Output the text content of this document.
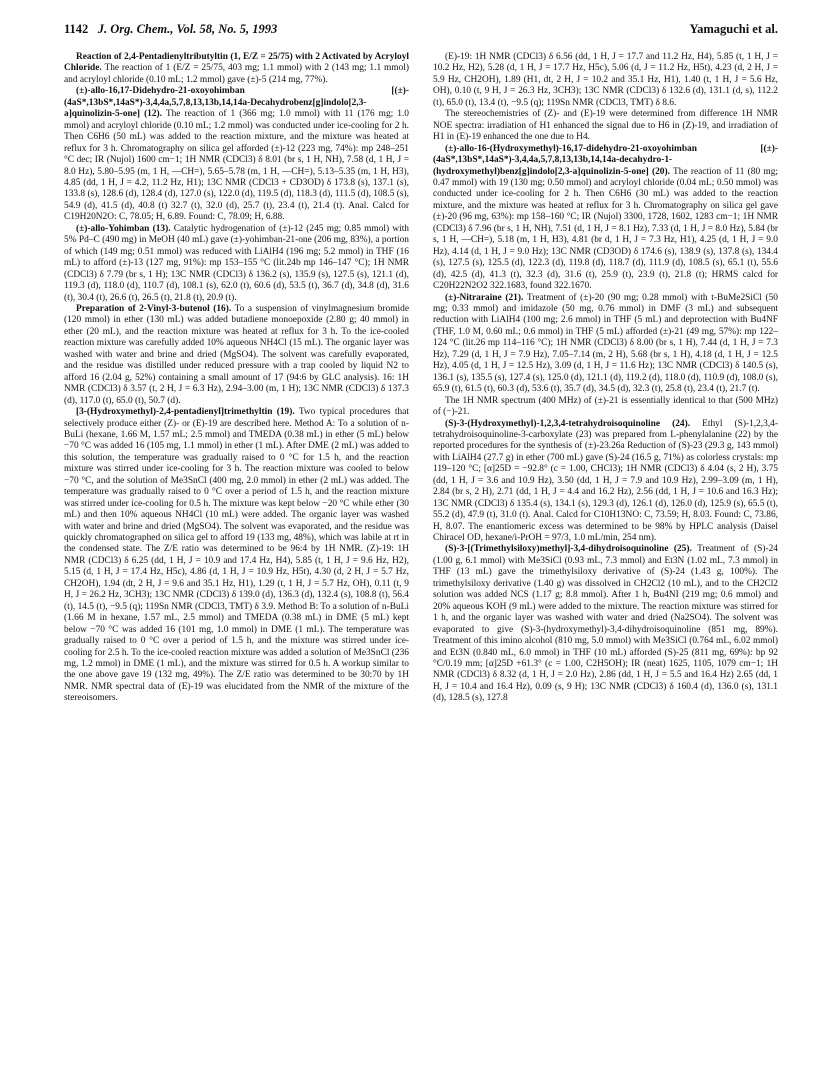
1142 J. Org. Chem., Vol. 58, No. 5, 1993	Yamaguchi et al.

Reaction of 2,4-Pentadienyltributyltin (1, E/Z = 25/75) with 2 Activated by Acryloyl Chloride. The reaction of 1 (E/Z = 25/75, 403 mg; 1.1 mmol) with 2 (143 mg; 1.1 mmol) and acryloyl chloride (0.10 mL; 1.2 mmol) gave (±)-5 (214 mg, 77%).

(±)-allo-16,17-Didehydro-21-oxoyohimban [(±)-(4aS*,13bS*,14aS*)-3,4,4a,5,7,8,13,13b,14,14a-Decahydrobenz[g]indolo[2,3-a]quinolizin-5-one] (12). The reaction of 1 (366 mg; 1.0 mmol) with 11 (176 mg; 1.0 mmol) and acryloyl chloride (0.10 mL; 1.2 mmol) was conducted under ice-cooling for 2 h. Then C6H6 (50 mL) was added to the reaction mixture, and the mixture was heated at reflux for 3 h. Chromatography on silica gel afforded (±)-12 (223 mg, 74%): mp 248–251 °C dec; IR (Nujol) 1600 cm−1; 1H NMR (CDCl3) δ 8.01 (br s, 1 H, NH), 7.58 (d, 1 H, J = 8.0 Hz), 5.80–5.95 (m, 1 H, —CH=), 5.65–5.78 (m, 1 H, —CH=), 5.13–5.35 (m, 1 H, H3), 4.85 (dd, 1 H, J = 4.2, 11.2 Hz, H1); 13C NMR (CDCl3 + CD3OD) δ 173.8 (s), 137.1 (s), 133.8 (s), 128.6 (d), 128.4 (d), 127.0 (s), 122.0 (d), 119.5 (d), 118.3 (d), 111.5 (d), 108.5 (s), 54.9 (d), 41.5 (d), 40.8 (t) 32.7 (t), 32.0 (d), 25.7 (t), 23.4 (t), 21.4 (t). Anal. Calcd for C19H20N2O: C, 78.05; H, 6.89. Found: C, 78.09; H, 6.88.

(±)-allo-Yohimban (13). Catalytic hydrogenation of (±)-12 (245 mg; 0.85 mmol) with 5% Pd–C (490 mg) in MeOH (40 mL) gave (±)-yohimban-21-one (206 mg, 83%), a portion of which (149 mg; 0.51 mmol) was reduced with LiAlH4 (196 mg; 5.2 mmol) in THF (16 mL) to afford (±)-13 (127 mg, 91%): mp 153–155 °C (lit.24b mp 146–147 °C); 1H NMR (CDCl3) δ 7.79 (br s, 1 H); 13C NMR (CDCl3) δ 136.2 (s), 135.9 (s), 127.5 (s), 121.1 (d), 119.3 (d), 118.0 (d), 110.7 (d), 108.1 (s), 62.0 (t), 60.6 (d), 53.5 (t), 36.7 (d), 34.8 (d), 31.6 (t), 30.4 (t), 26.6 (t), 26.5 (t), 21.8 (t), 20.9 (t).

Preparation of 2-Vinyl-3-butenol (16). To a suspension of vinylmagnesium bromide (120 mmol) in ether (130 mL) was added butadiene monoepoxide (2.80 g; 40 mmol) in ether (20 mL), and the reaction mixture was heated at reflux for 3 h. To the ice-cooled reaction mixture was carefully added 10% aqueous NH4Cl (15 mL). The organic layer was washed with water and brine and dried (MgSO4). The solvent was carefully evaporated, and the residue was distilled under reduced pressure with a trap cooled by liquid N2 to afford 16 (2.04 g, 52%) containing a small amount of 17 (94:6 by GLC analysis). 16: 1H NMR (CDCl3) δ 3.57 (t, 2 H, J = 6.3 Hz), 2.94–3.00 (m, 1 H); 13C NMR (CDCl3) δ 137.3 (d), 117.0 (t), 65.0 (t), 50.7 (d).

[3-(Hydroxymethyl)-2,4-pentadienyl]trimethyltin (19). Two typical procedures that selectively produce either (Z)- or (E)-19 are described here. Method A: To a solution of n-BuLi (hexane, 1.66 M, 1.57 mL; 2.5 mmol) and TMEDA (0.38 mL) in ether (5 mL) below −70 °C was added 16 (105 mg, 1.1 mmol) in ether (1 mL). After DME (2 mL) was added to this solution, the temperature was gradually raised to 0 °C for 1.5 h, and the reaction mixture was stirred under ice-cooling for 3 h. The reaction mixture was cooled to below −70 °C, and the solution of Me3SnCl (400 mg, 2.0 mmol) in ether (2 mL) was added. The temperature was gradually raised to 0 °C over a period of 1.5 h, and the reaction mixture was stirred under ice-cooling for 0.5 h. The mixture was kept below −20 °C while ether (30 mL) and then 10% aqueous NH4Cl (10 mL) were added. The organic layer was washed with water and brine and dried (MgSO4). The solvent was evaporated, and the residue was quickly chromatographed on silica gel to afford 19 (133 mg, 48%), which was labile at rt in the condensed state. The Z/E ratio was determined to be 96:4 by 1H NMR. (Z)-19: 1H NMR (CDCl3) δ 6.25 (dd, 1 H, J = 10.9 and 17.4 Hz, H4), 5.85 (t, 1 H, J = 9.6 Hz, H2), 5.15 (d, 1 H, J = 17.4 Hz, H5c), 4.86 (d, 1 H, J = 10.9 Hz, H5t), 4.30 (d, 2 H, J = 5.7 Hz, CH2OH), 1.94 (dt, 2 H, J = 9.6 and 35.1 Hz, H1), 1.29 (t, 1 H, J = 5.7 Hz, OH), 0.11 (t, 9 H, J = 26.2 Hz, 3CH3); 13C NMR (CDCl3) δ 139.0 (d), 136.3 (d), 132.4 (s), 108.8 (t), 56.4 (t), 14.5 (t), −9.5 (q); 119Sn NMR (CDCl3, TMT) δ 3.9. Method B: To a solution of n-BuLi (1.66 M in hexane, 1.57 mL, 2.5 mmol) and TMEDA (0.38 mL) in DME (5 mL) kept below −70 °C was added 16 (101 mg, 1.0 mmol) in DME (1 mL). The temperature was gradually raised to 0 °C over a period of 1.5 h, and the mixture was stirred under ice-cooling for 2.5 h. To the ice-cooled reaction mixture was added a solution of Me3SnCl (236 mg, 1.2 mmol) in DME (1 mL), and the mixture was stirred for 0.5 h. A workup similar to the one above gave 19 (132 mg, 49%). The Z/E ratio was determined to be 30:70 by 1H NMR. NMR spectral data of (E)-19 was elucidated from the NMR of the mixture of the stereoisomers.

(E)-19: 1H NMR (CDCl3) δ 6.56 (dd, 1 H, J = 17.7 and 11.2 Hz, H4), 5.85 (t, 1 H, J = 10.2 Hz, H2), 5.28 (d, 1 H, J = 17.7 Hz, H5c), 5.06 (d, J = 11.2 Hz, H5t), 4.23 (d, 2 H, J = 5.9 Hz, CH2OH), 1.89 (H1, dt, 2 H, J = 10.2 and 35.1 Hz, H1), 1.40 (t, 1 H, J = 5.6 Hz, OH), 0.10 (t, 9 H, J = 26.3 Hz, 3CH3); 13C NMR (CDCl3) δ 132.6 (d), 131.1 (d, s), 112.2 (t), 65.0 (t), 13.4 (t), −9.5 (q); 119Sn NMR (CDCl3, TMT) δ 8.6.

The stereochemistries of (Z)- and (E)-19 were determined from difference 1H NMR NOE spectra: irradiation of H1 enhanced the signal due to H6 in (Z)-19, and irradiation of H1 in (E)-19 enhanced the one due to H4.

(±)-allo-16-(Hydroxymethyl)-16,17-didehydro-21-oxoyohimban [(±)-(4aS*,13bS*,14aS*)-3,4,4a,5,7,8,13,13b,14,14a-decahydro-1-(hydroxymethyl)benz[g]indolo[2,3-a]quinolizin-5-one] (20). The reaction of 11 (80 mg; 0.47 mmol) with 19 (130 mg; 0.50 mmol) and acryloyl chloride (0.04 mL; 0.50 mmol) was conducted under ice-cooling for 2 h. Then C6H6 (30 mL) was added to the reaction mixture, and the mixture was heated at reflux for 3 h. Chromatography on silica gel gave (±)-20 (96 mg, 63%): mp 158–160 °C; IR (Nujol) 3300, 1728, 1602, 1283 cm−1; 1H NMR (CDCl3) δ 7.96 (br s, 1 H, NH), 7.51 (d, 1 H, J = 8.1 Hz), 7.33 (d, 1 H, J = 8.0 Hz), 5.84 (br s, 1 H, —CH=), 5.18 (m, 1 H, H3), 4.81 (br d, 1 H, J = 7.3 Hz, H1), 4.25 (d, 1 H, J = 9.0 Hz), 4.14 (d, 1 H, J = 9.0 Hz); 13C NMR (CD3OD) δ 174.6 (s), 138.9 (s), 137.8 (s), 134.4 (s), 127.5 (s), 125.5 (d), 122.3 (d), 119.8 (d), 118.7 (d), 111.9 (d), 108.5 (s), 65.1 (t), 55.6 (d), 42.5 (d), 41.3 (t), 32.3 (d), 31.6 (t), 25.9 (t), 23.9 (t), 21.8 (t); HRMS calcd for C20H22N2O2 322.1683, found 322.1670.

(±)-Nitraraine (21). Treatment of (±)-20 (90 mg; 0.28 mmol) with t-BuMe2SiCl (50 mg; 0.33 mmol) and imidazole (50 mg, 0.76 mmol) in DMF (3 mL) and subsequent reduction with LiAlH4 (100 mg; 2.6 mmol) in THF (5 mL) and deprotection with Bu4NF (THF, 1.0 M, 0.60 mL; 0.6 mmol) in THF (5 mL) afforded (±)-21 (49 mg, 57%): mp 122–124 °C (lit.26 mp 114–116 °C); 1H NMR (CDCl3) δ 8.00 (br s, 1 H), 7.44 (d, 1 H, J = 7.3 Hz), 7.29 (d, 1 H, J = 7.9 Hz), 7.05–7.14 (m, 2 H), 5.68 (br s, 1 H), 4.18 (d, 1 H, J = 12.5 Hz), 4.05 (d, 1 H, J = 12.5 Hz), 3.09 (d, 1 H, J = 11.6 Hz); 13C NMR (CDCl3) δ 140.5 (s), 136.1 (s), 135.5 (s), 127.4 (s), 125.0 (d), 121.1 (d), 119.2 (d), 118.0 (d), 110.9 (d), 108.0 (s), 65.9 (t), 61.5 (t), 60.3 (d), 53.6 (t), 35.7 (d), 34.5 (d), 32.3 (t), 25.8 (t), 23.4 (t), 21.7 (t).

The 1H NMR spectrum (400 MHz) of (±)-21 is essentially identical to that (500 MHz) of (−)-21.

(S)-3-(Hydroxymethyl)-1,2,3,4-tetrahydroisoquinoline (24). Ethyl (S)-1,2,3,4-tetrahydroisoquinoline-3-carboxylate (23) was prepared from L-phenylalanine (22) by the reported procedures for the synthesis of (±)-23.26a Reduction of (S)-23 (29.3 g, 143 mmol) with LiAlH4 (27.7 g) in ether (700 mL) gave (S)-24 (16.5 g, 71%) as colorless crystals: mp 119–120 °C; [α]25D = −92.8° (c = 1.00, CHCl3); 1H NMR (CDCl3) δ 4.04 (s, 2 H), 3.75 (dd, 1 H, J = 3.6 and 10.9 Hz), 3.50 (dd, 1 H, J = 7.9 and 10.9 Hz), 2.99–3.09 (m, 1 H), 2.84 (br s, 2 H), 2.71 (dd, 1 H, J = 4.4 and 16.2 Hz), 2.56 (dd, 1 H, J = 10.6 and 16.3 Hz); 13C NMR (CDCl3) δ 135.4 (s), 134.1 (s), 129.3 (d), 126.1 (d), 126.0 (d), 125.9 (s), 65.5 (t), 55.2 (d), 47.9 (t), 31.0 (t). Anal. Calcd for C10H13NO: C, 73.59; H, 8.03. Found: C, 73.86, H, 8.07. The enantiomeric excess was determined to be 98% by HPLC analysis (Daisel Chiracel OD, hexane/i-PrOH = 97/3, 1.0 mL/min, 254 nm).

(S)-3-[(Trimethylsiloxy)methyl]-3,4-dihydroisoquinoline (25). Treatment of (S)-24 (1.00 g, 6.1 mmol) with Me3SiCl (0.93 mL, 7.3 mmol) and Et3N (1.02 mL, 7.3 mmol) in THF (13 mL) gave the trimethylsiloxy derivative of (S)-24 (1.43 g, 100%). The trimethylsiloxy derivative (1.40 g) was dissolved in CH2Cl2 (10 mL), and to the CH2Cl2 solution was added NCS (1.17 g; 8.8 mmol). After 1 h, Bu4NI (219 mg; 0.6 mmol) and 20% aqueous KOH (9 mL) were added to the mixture. The reaction mixture was stirred for 1 h, and the organic layer was washed with water and dried (Na2SO4). The solvent was evaporated to give (S)-3-(hydroxymethyl)-3,4-dihydroisoquinoline (851 mg, 89%). Treatment of this imino alcohol (810 mg, 5.0 mmol) with Me3SiCl (0.764 mL, 6.02 mmol) and Et3N (0.840 mL, 6.0 mmol) in THF (10 mL) afforded (S)-25 (811 mg, 69%): bp 92 °C/0.19 mm; [α]25D +61.3° (c = 1.00, C2H5OH); IR (neat) 1625, 1105, 1079 cm−1; 1H NMR (CDCl3) δ 8.32 (d, 1 H, J = 2.0 Hz), 2.86 (dd, 1 H, J = 5.5 and 16.4 Hz) 2.65 (dd, 1 H, J = 10.4 and 16.4 Hz), 0.09 (s, 9 H); 13C NMR (CDCl3) δ 160.4 (d), 136.0 (s), 131.1 (d), 128.5 (s), 127.8
